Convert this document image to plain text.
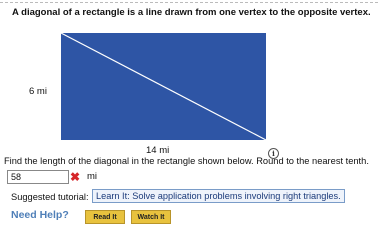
A diagonal of a rectangle is a line drawn from one vertex to the opposite vertex.
6 mi
14 mi	i
Find the length of the diagonal in the rectangle shown below. Round to the nearest tenth.
58	✖ mi
Suggested tutorial: Learn It: Solve application problems involving right triangles.
Need Help?	Read It	Watch It
